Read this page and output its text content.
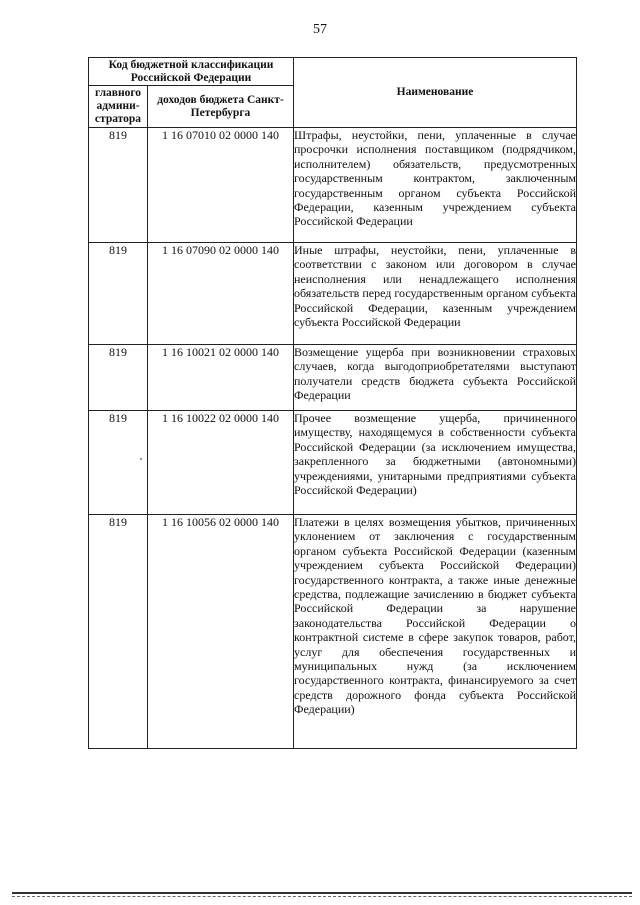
57
Код бюджетной классификации Российской Федерации		Наименование
главного админи-стратора	доходов бюджета Санкт-Петербурга	
819	1 16 07010 02 0000 140	Штрафы, неустойки, пени, уплаченные в случае просрочки исполнения поставщиком (подрядчиком, исполнителем) обязательств, предусмотренных государственным контрактом, заключенным государственным органом субъекта Российской Федерации, казенным учреждением субъекта Российской Федерации

819	1 16 07090 02 0000 140	Иные штрафы, неустойки, пени, уплаченные в соответствии с законом или договором в случае неисполнения или ненадлежащего исполнения обязательств перед государственным органом субъекта Российской Федерации, казенным учреждением субъекта Российской Федерации

819	1 16 10021 02 0000 140	Возмещение ущерба при возникновении страховых случаев, когда выгодоприобретателями выступают получатели средств бюджета субъекта Российской Федерации

819	1 16 10022 02 0000 140	Прочее возмещение ущерба, причиненного имуществу, находящемуся в собственности субъекта Российской Федерации (за исключением имущества, закрепленного за бюджетными (автономными) учреждениями, унитарными предприятиями субъекта Российской Федерации)

819	1 16 10056 02 0000 140	Платежи в целях возмещения убытков, причиненных уклонением от заключения с государственным органом субъекта Российской Федерации (казенным учреждением субъекта Российской Федерации) государственного контракта, а также иные денежные средства, подлежащие зачислению в бюджет субъекта Российской Федерации за нарушение законодательства Российской Федерации о контрактной системе в сфере закупок товаров, работ, услуг для обеспечения государственных и муниципальных нужд (за исключением государственного контракта, финансируемого за счет средств дорожного фонда субъекта Российской Федерации)
